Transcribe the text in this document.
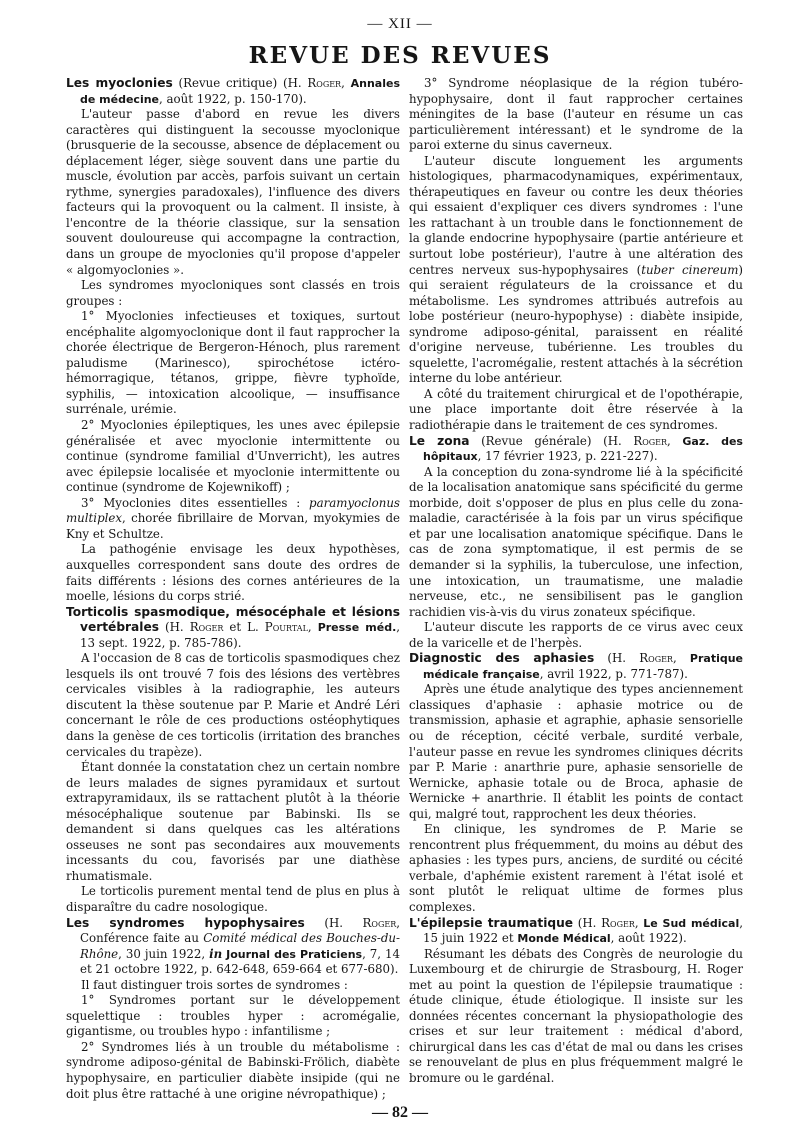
— XII —
REVUE DES REVUES

Les myoclonies (Revue critique) (H. Roger, Annales de médecine, août 1922, p. 150-170).

L'auteur passe d'abord en revue les divers caractères qui distinguent la secousse myoclonique (brusquerie de la secousse, absence de déplacement ou déplacement léger, siège souvent dans une partie du muscle, évolution par accès, parfois suivant un certain rythme, synergies paradoxales), l'influence des divers facteurs qui la provoquent ou la calment. Il insiste, à l'encontre de la théorie classique, sur la sensation souvent douloureuse qui accompagne la contraction, dans un groupe de myoclonies qu'il propose d'appeler « algomyoclonies ».

Les syndromes myocloniques sont classés en trois groupes :

1° Myoclonies infectieuses et toxiques, surtout encéphalite algomyoclonique dont il faut rapprocher la chorée électrique de Bergeron-Hénoch, plus rarement paludisme (Marinesco), spirochétose ictéro-hémorragique, tétanos, grippe, fièvre typhoïde, syphilis, — intoxication alcoolique, — insuffisance surrénale, urémie.

2° Myoclonies épileptiques, les unes avec épilepsie généralisée et avec myoclonie intermittente ou continue (syndrome familial d'Unverricht), les autres avec épilepsie localisée et myoclonie intermittente ou continue (syndrome de Kojewnikoff) ;

3° Myoclonies dites essentielles : paramyoclonus multiplex, chorée fibrillaire de Morvan, myokymies de Kny et Schultze.

La pathogénie envisage les deux hypothèses, auxquelles correspondent sans doute des ordres de faits différents : lésions des cornes antérieures de la moelle, lésions du corps strié.

Torticolis spasmodique, mésocéphale et lésions vertébrales (H. Roger et L. Pourtal, Presse méd., 13 sept. 1922, p. 785-786).

A l'occasion de 8 cas de torticolis spasmodiques chez lesquels ils ont trouvé 7 fois des lésions des vertèbres cervicales visibles à la radiographie, les auteurs discutent la thèse soutenue par P. Marie et André Léri concernant le rôle de ces productions ostéophytiques dans la genèse de ces torticolis (irritation des branches cervicales du trapèze).

Étant donnée la constatation chez un certain nombre de leurs malades de signes pyramidaux et surtout extrapyramidaux, ils se rattachent plutôt à la théorie mésocéphalique soutenue par Babinski. Ils se demandent si dans quelques cas les altérations osseuses ne sont pas secondaires aux mouvements incessants du cou, favorisés par une diathèse rhumatismale.

Le torticolis purement mental tend de plus en plus à disparaître du cadre nosologique.

Les syndromes hypophysaires (H. Roger, Conférence faite au Comité médical des Bouches-du-Rhône, 30 juin 1922, in Journal des Praticiens, 7, 14 et 21 octobre 1922, p. 642-648, 659-664 et 677-680).

Il faut distinguer trois sortes de syndromes :

1° Syndromes portant sur le développement squelettique : troubles hyper : acromégalie, gigantisme, ou troubles hypo : infantilisme ;

2° Syndromes liés à un trouble du métabolisme : syndrome adiposo-génital de Babinski-Frölich, diabète hypophysaire, en particulier diabète insipide (qui ne doit plus être rattaché à une origine névropathique) ;

3° Syndrome néoplasique de la région tubéro-hypophysaire, dont il faut rapprocher certaines méningites de la base (l'auteur en résume un cas particulièrement intéressant) et le syndrome de la paroi externe du sinus caverneux.

L'auteur discute longuement les arguments histologiques, pharmacodynamiques, expérimentaux, thérapeutiques en faveur ou contre les deux théories qui essaient d'expliquer ces divers syndromes : l'une les rattachant à un trouble dans le fonctionnement de la glande endocrine hypophysaire (partie antérieure et surtout lobe postérieur), l'autre à une altération des centres nerveux sus-hypophysaires (tuber cinereum) qui seraient régulateurs de la croissance et du métabolisme. Les syndromes attribués autrefois au lobe postérieur (neuro-hypophyse) : diabète insipide, syndrome adiposo-génital, paraissent en réalité d'origine nerveuse, tubérienne. Les troubles du squelette, l'acromégalie, restent attachés à la sécrétion interne du lobe antérieur.

A côté du traitement chirurgical et de l'opothérapie, une place importante doit être réservée à la radiothérapie dans le traitement de ces syndromes.

Le zona (Revue générale) (H. Roger, Gaz. des hôpitaux, 17 février 1923, p. 221-227).

A la conception du zona-syndrome lié à la spécificité de la localisation anatomique sans spécificité du germe morbide, doit s'opposer de plus en plus celle du zona-maladie, caractérisée à la fois par un virus spécifique et par une localisation anatomique spécifique. Dans le cas de zona symptomatique, il est permis de se demander si la syphilis, la tuberculose, une infection, une intoxication, un traumatisme, une maladie nerveuse, etc., ne sensibilisent pas le ganglion rachidien vis-à-vis du virus zonateux spécifique.

L'auteur discute les rapports de ce virus avec ceux de la varicelle et de l'herpès.

Diagnostic des aphasies (H. Roger, Pratique médicale française, avril 1922, p. 771-787).

Après une étude analytique des types anciennement classiques d'aphasie : aphasie motrice ou de transmission, aphasie et agraphie, aphasie sensorielle ou de réception, cécité verbale, surdité verbale, l'auteur passe en revue les syndromes cliniques décrits par P. Marie : anarthrie pure, aphasie sensorielle de Wernicke, aphasie totale ou de Broca, aphasie de Wernicke + anarthrie. Il établit les points de contact qui, malgré tout, rapprochent les deux théories.

En clinique, les syndromes de P. Marie se rencontrent plus fréquemment, du moins au début des aphasies : les types purs, anciens, de surdité ou cécité verbale, d'aphémie existent rarement à l'état isolé et sont plutôt le reliquat ultime de formes plus complexes.

L'épilepsie traumatique (H. Roger, Le Sud médical, 15 juin 1922 et Monde Médical, août 1922).

Résumant les débats des Congrès de neurologie du Luxembourg et de chirurgie de Strasbourg, H. Roger met au point la question de l'épilepsie traumatique : étude clinique, étude étiologique. Il insiste sur les données récentes concernant la physiopathologie des crises et sur leur traitement : médical d'abord, chirurgical dans les cas d'état de mal ou dans les crises se renouvelant de plus en plus fréquemment malgré le bromure ou le gardénal.

— 82 —
